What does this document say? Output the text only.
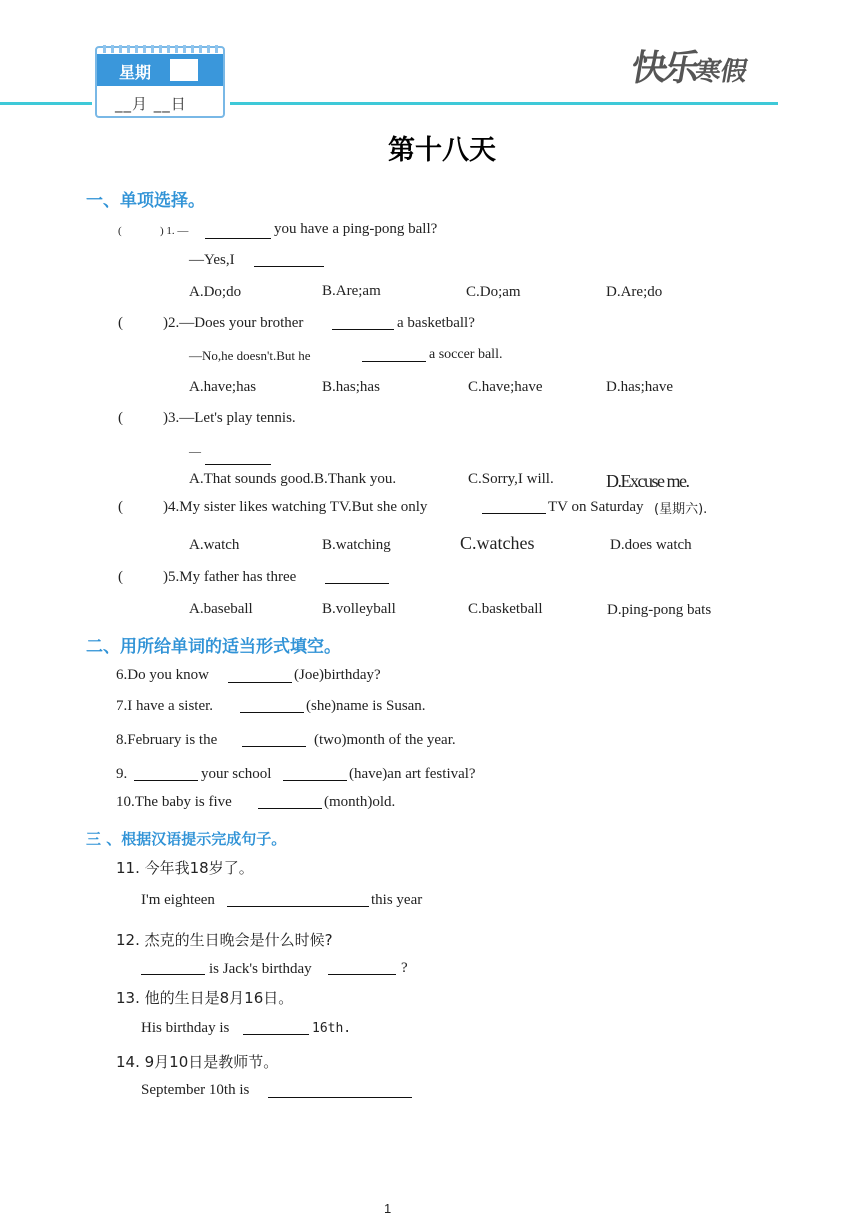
星期
__月 __日
快乐寒假
第十八天
一、单项选择。
(	) 1. —	you have a ping-pong ball?
—Yes,I
A.Do;do	B.Are;am	C.Do;am	D.Are;do
(	)2.—Does your brother	a basketball?
—No,he doesn't.But he	a soccer ball.
A.have;has	B.has;has	C.have;have	D.has;have
(	)3.—Let's play tennis.
—
A.That sounds good.B.Thank you.	C.Sorry,I will.	D.Excuse me.
(	)4.My sister likes watching TV.But she only	TV on Saturday (星期六).
A.watch	B.watching	C.watches	D.does watch
(	)5.My father has three
A.baseball	B.volleyball	C.basketball	D.ping-pong bats
二、用所给单词的适当形式填空。
6.Do you know	(Joe)birthday?
7.I have a sister.	(she)name is Susan.
8.February is the	(two)month of the year.
9.	your school	(have)an art festival?
10.The baby is five	(month)old.
三 、根据汉语提示完成句子。
11. 今年我18岁了。
I'm eighteen	this year
12. 杰克的生日晚会是什么时候?
is Jack's birthday	?
13. 他的生日是8月16日。
His birthday is	16th.
14. 9月10日是教师节。
September 10th is
1
